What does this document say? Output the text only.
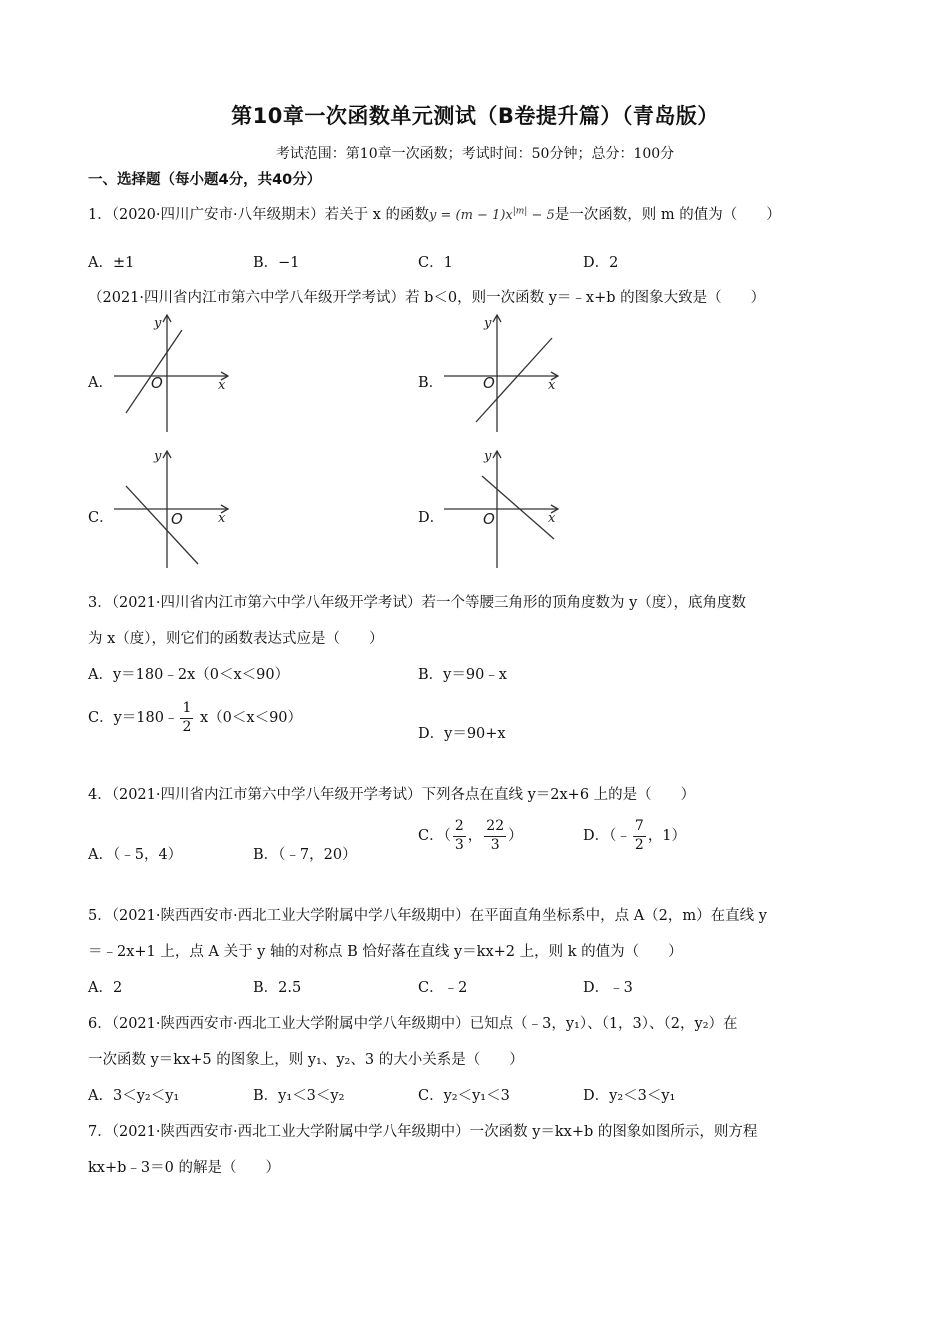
第10章一次函数单元测试（B卷提升篇）（青岛版）
考试范围：第10章一次函数；考试时间：50分钟；总分：100分
一、选择题（每小题4分，共40分）
1．（2020·四川广安市·八年级期末）若关于 x 的函数$y = (m - 1)x^{|m|} - 5$是一次函数，则 m 的值为（　　）
A．±1	B．−1	C．1	D．2
（2021·四川省内江市第六中学八年级开学考试）若 b＜0，则一次函数 y＝﹣x+b 的图象大致是（　　）
A．
y
x
O	B．
y
x
O
C．
y
x
O	D．
y
x
O
3．（2021·四川省内江市第六中学八年级开学考试）若一个等腰三角形的顶角度数为 y（度），底角度数
为 x（度），则它们的函数表达式应是（　　）
A．y＝180﹣2x（0＜x＜90）	B．y＝90﹣x
C．y＝180﹣ $\frac{1}{2} x(0<x<90)$
D．y＝90+x
4．（2021·四川省内江市第六中学八年级开学考试）下列各点在直线 y＝2x+6 上的是（　　）
A．（﹣5，4）	B．（﹣7，20）
C．（ $\frac{2}{3}$ ， $\frac{22}{3}$ ）	D．（﹣ $\frac{7}{2}$ ，1）
5．（2021·陕西西安市·西北工业大学附属中学八年级期中）在平面直角坐标系中，点 A（2，m）在直线 y
＝﹣2x+1 上，点 A 关于 y 轴的对称点 B 恰好落在直线 y＝kx+2 上，则 k 的值为（　　）
A．2	B．2.5	C．﹣2	D．﹣3
6．（2021·陕西西安市·西北工业大学附属中学八年级期中）已知点（﹣3，y₁）、（1，3）、（2，y₂）在
一次函数 y＝kx+5 的图象上，则 y₁、y₂、3 的大小关系是（　　）
A．3＜y₂＜y₁	B．y₁＜3＜y₂	C．y₂＜y₁＜3	D．y₂＜3＜y₁
7．（2021·陕西西安市·西北工业大学附属中学八年级期中）一次函数 y＝kx+b 的图象如图所示，则方程
kx+b﹣3＝0 的解是（　　）
